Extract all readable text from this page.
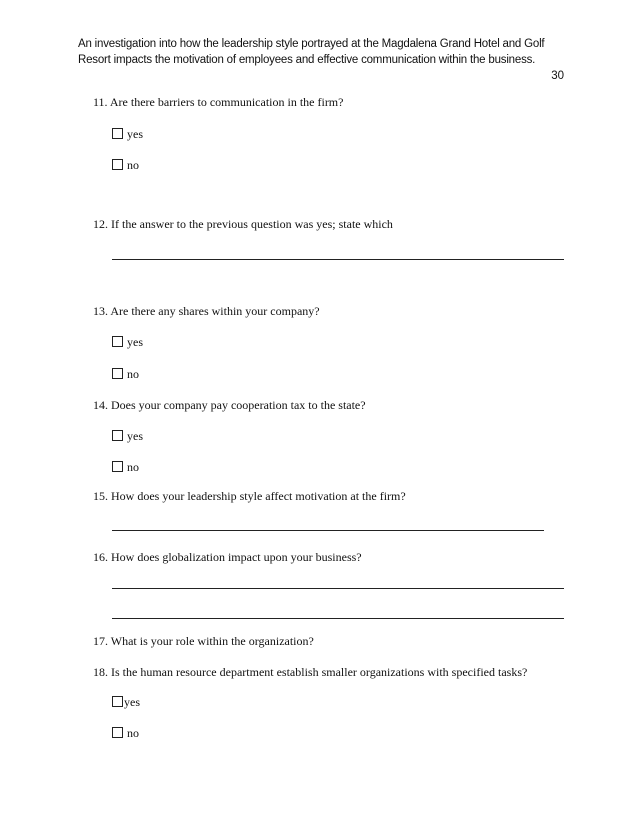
An investigation into how the leadership style portrayed at the Magdalena Grand Hotel and Golf Resort impacts the motivation of employees and effective communication within the business.
30
11. Are there barriers to communication in the firm?
yes
no
12. If the answer to the previous question was yes; state which
13. Are there any shares within your company?
yes
no
14. Does your company pay cooperation tax to the state?
yes
no
15. How does your leadership style affect motivation at the firm?
16. How does globalization impact upon your business?
17. What is your role within the organization?
18. Is the human resource department establish smaller organizations with specified tasks?
yes
no
